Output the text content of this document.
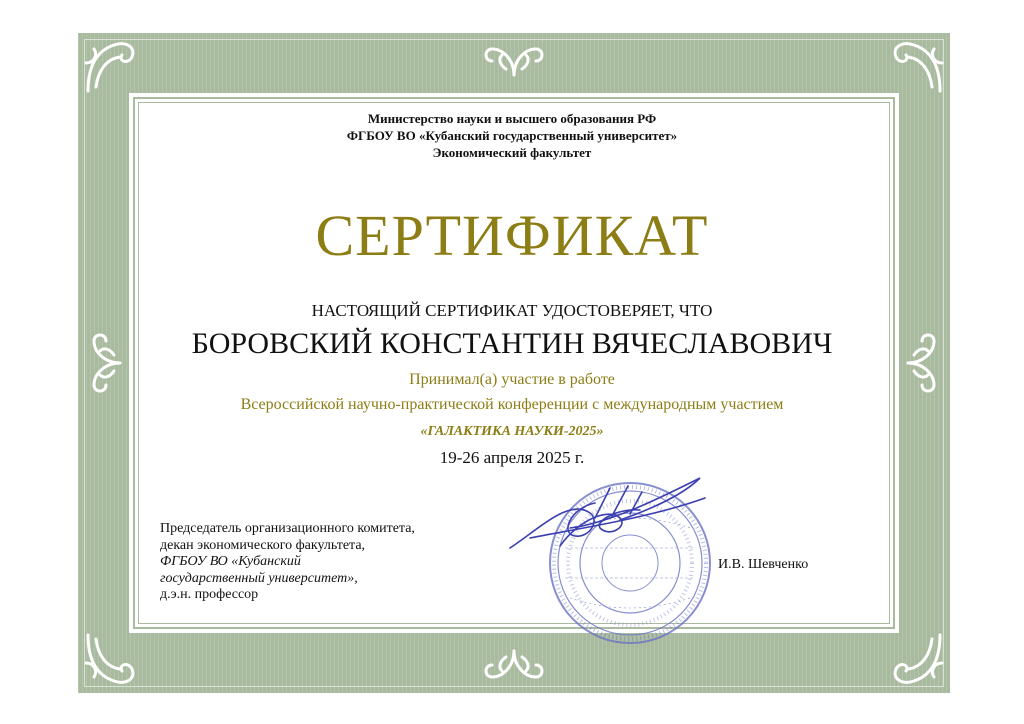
Министерство науки и высшего образования РФ
ФГБОУ ВО «Кубанский государственный университет»
Экономический факультет
СЕРТИФИКАТ
НАСТОЯЩИЙ СЕРТИФИКАТ УДОСТОВЕРЯЕТ, ЧТО
БОРОВСКИЙ КОНСТАНТИН ВЯЧЕСЛАВОВИЧ
Принимал(а) участие в работе
Всероссийской научно-практической конференции с международным участием
«ГАЛАКТИКА НАУКИ-2025»
19-26 апреля 2025 г.
Председатель организационного комитета,
декан экономического факультета,
ФГБОУ ВО «Кубанский
государственный университет»,
д.э.н. профессор
И.В. Шевченко
